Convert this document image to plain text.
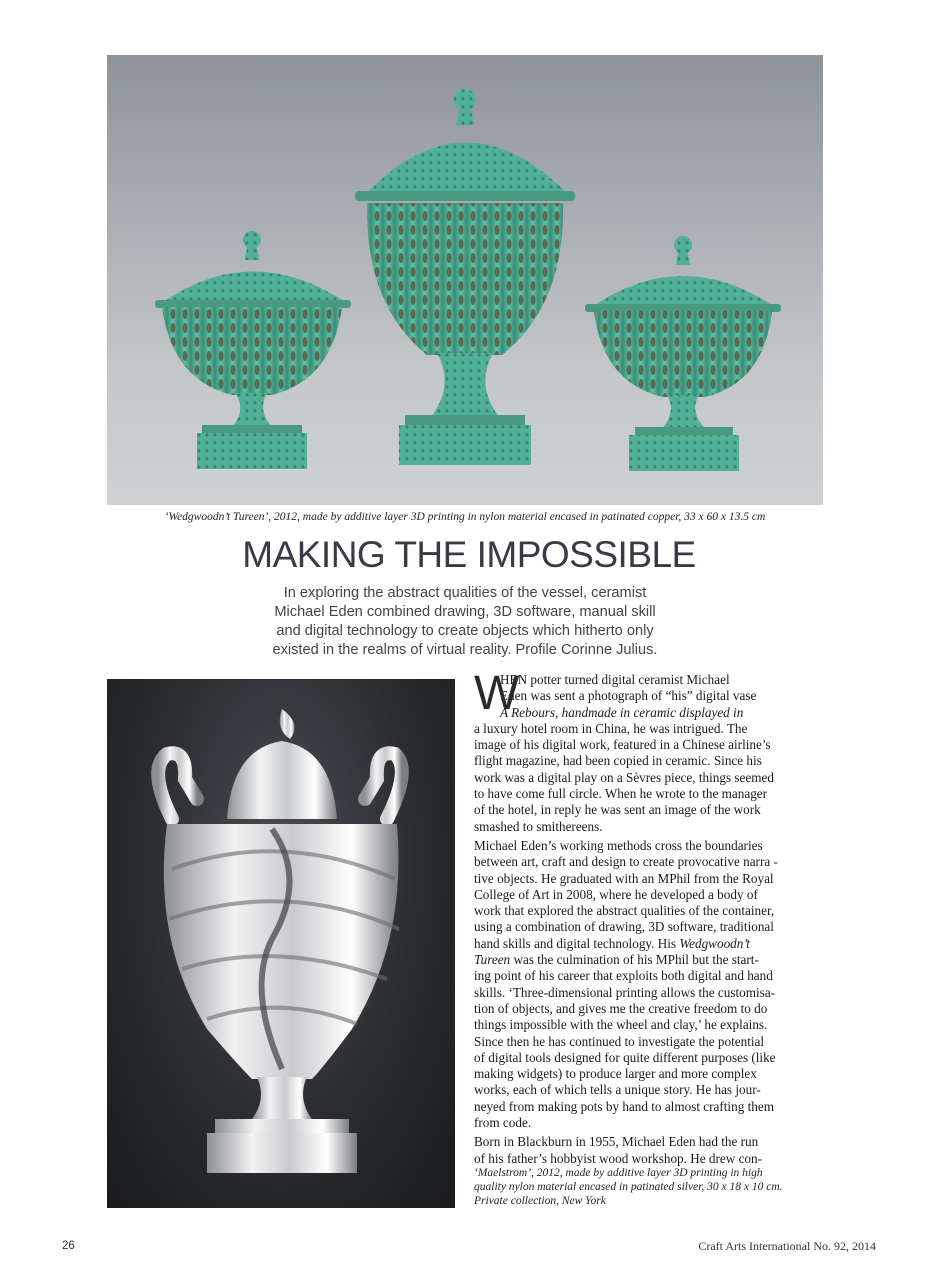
‘Wedgwoodn’t Tureen’, 2012, made by additive layer 3D printing in nylon material encased in patinated copper, 33 x 60 x 13.5 cm
MAKING THE IMPOSSIBLE
In exploring the abstract qualities of the vessel, ceramist
Michael Eden combined drawing, 3D software, manual skill
and digital technology to create objects which hitherto only
existed in the realms of virtual reality. Profile Corinne Julius.
W
HEN potter turned digital ceramist Michael
Eden was sent a photograph of “his” digital vase
A Rebours, handmade in ceramic displayed in
a luxury hotel room in China, he was intrigued. The
image of his digital work, featured in a Chinese airline’s
flight magazine, had been copied in ceramic. Since his
work was a digital play on a Sèvres piece, things seemed
to have come full circle. When he wrote to the manager
of the hotel, in reply he was sent an image of the work
smashed to smithereens.
Michael Eden’s working methods cross the boundaries
between art, craft and design to create provocative narra -
tive objects. He graduated with an MPhil from the Royal
College of Art in 2008, where he developed a body of
work that explored the abstract qualities of the container,
using a combination of drawing, 3D software, traditional
hand skills and digital technology. His Wedgwoodn’t
Tureen was the culmination of his MPhil but the start-
ing point of his career that exploits both digital and hand
skills. ‘Three-dimensional printing allows the customisa-
tion of objects, and gives me the creative freedom to do
things impossible with the wheel and clay,’ he explains.
Since then he has continued to investigate the potential
of digital tools designed for quite different purposes (like
making widgets) to produce larger and more complex
works, each of which tells a unique story. He has jour-
neyed from making pots by hand to almost crafting them
from code.
Born in Blackburn in 1955, Michael Eden had the run
of his father’s hobbyist wood workshop. He drew con-
‘Maelstrom’, 2012, made by additive layer 3D printing in high
quality nylon material encased in patinated silver, 30 x 18 x 10 cm.
Private collection, New York
26	Craft Arts International No. 92, 2014
